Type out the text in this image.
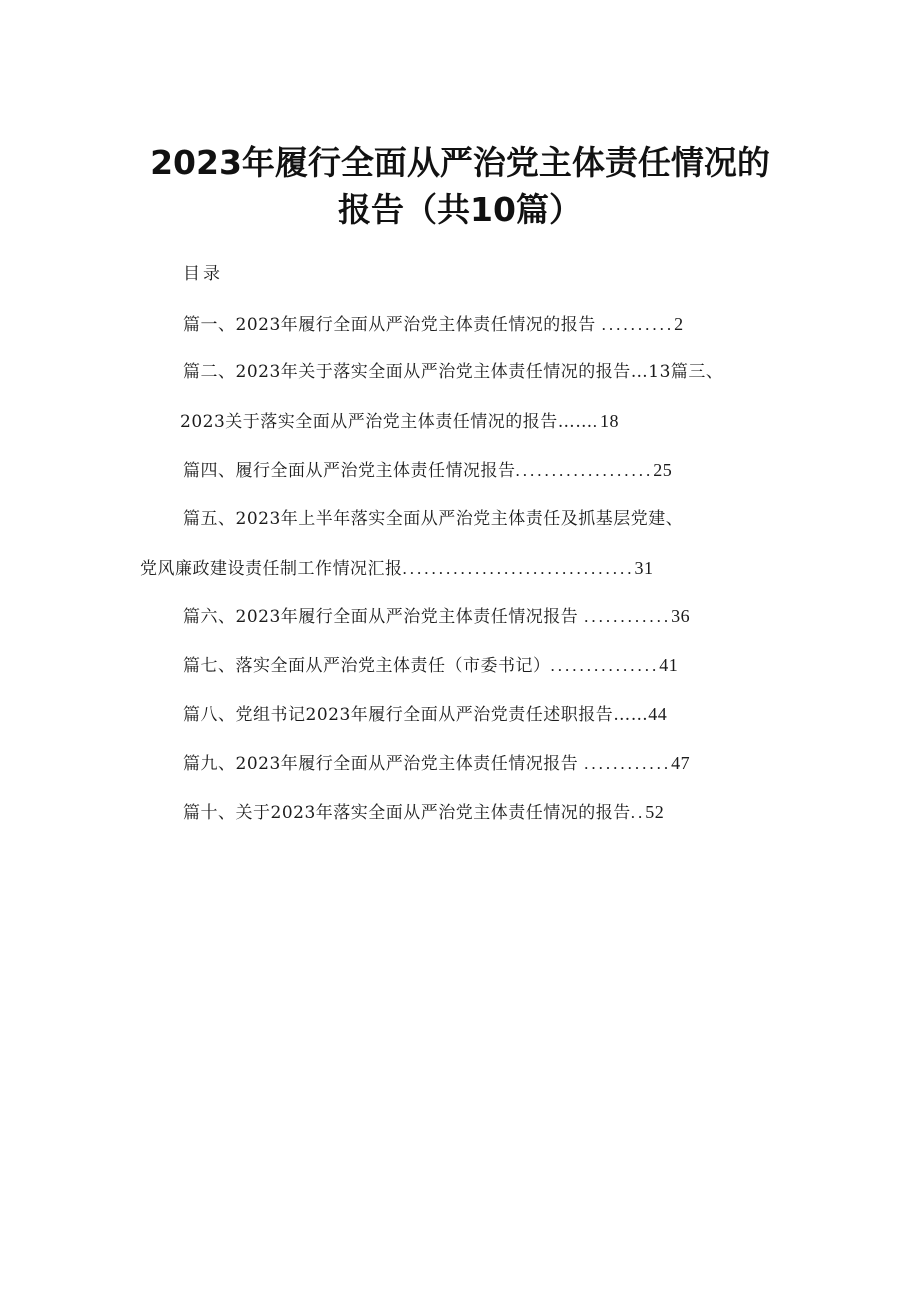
2023年履行全面从严治党主体责任情况的
报告（共10篇）
目录
篇一、2023年履行全面从严治党主体责任情况的报告 ..........2
篇二、2023年关于落实全面从严治党主体责任情况的报告…13篇三、
2023关于落实全面从严治党主体责任情况的报告…….18
篇四、履行全面从严治党主体责任情况报告...................25
篇五、2023年上半年落实全面从严治党主体责任及抓基层党建、
党风廉政建设责任制工作情况汇报................................31
篇六、2023年履行全面从严治党主体责任情况报告 ............36
篇七、落实全面从严治党主体责任（市委书记）...............41
篇八、党组书记2023年履行全面从严治党责任述职报告……44
篇九、2023年履行全面从严治党主体责任情况报告 ............47
篇十、关于2023年落实全面从严治党主体责任情况的报告..52
